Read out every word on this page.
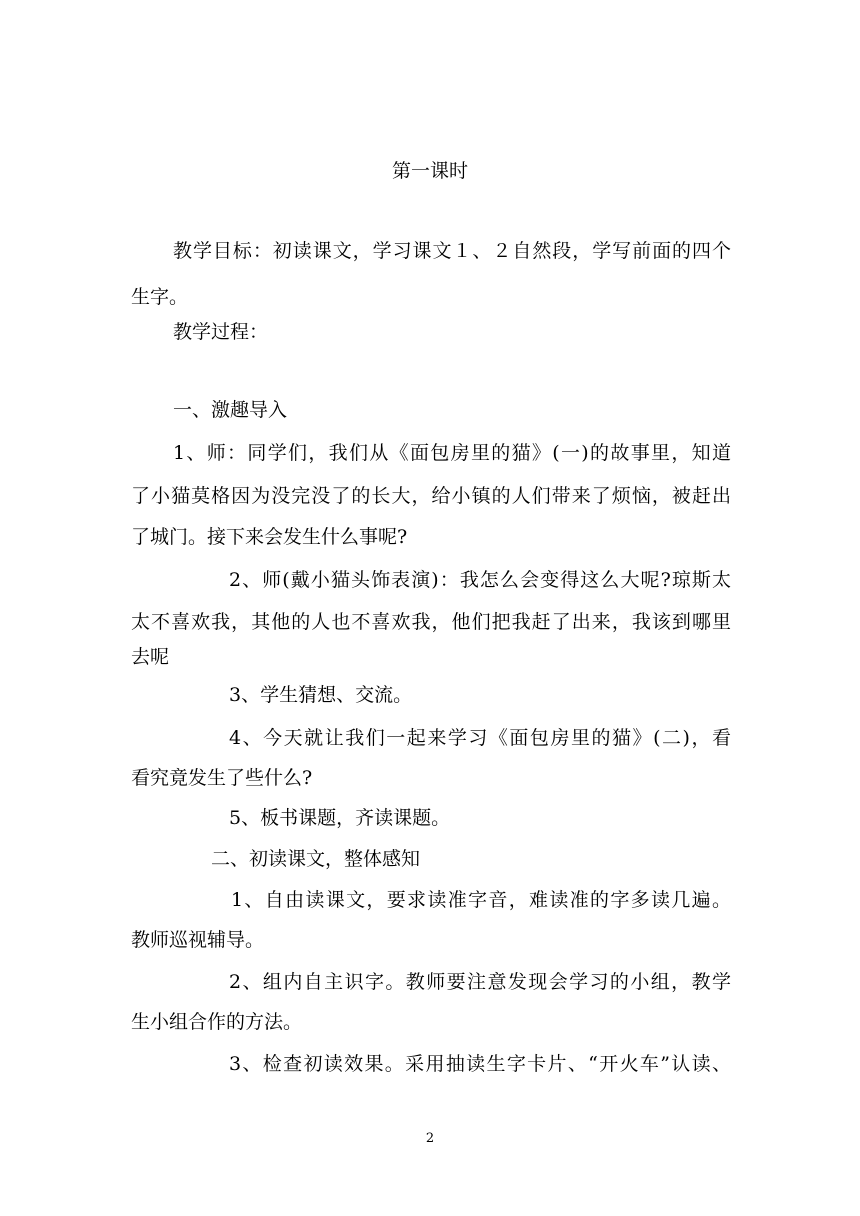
第一课时
教学目标：初读课文，学习课文１、２自然段，学写前面的四个
生字。
教学过程：
一、激趣导入
1、师：同学们，我们从《面包房里的猫》(一)的故事里，知道
了小猫莫格因为没完没了的长大，给小镇的人们带来了烦恼，被赶出
了城门。接下来会发生什么事呢?
2、师(戴小猫头饰表演)：我怎么会变得这么大呢?琼斯太
太不喜欢我，其他的人也不喜欢我，他们把我赶了出来，我该到哪里
去呢
3、学生猜想、交流。
4、今天就让我们一起来学习《面包房里的猫》(二)，看
看究竟发生了些什么?
5、板书课题，齐读课题。
二、初读课文，整体感知
1、自由读课文，要求读准字音，难读准的字多读几遍。
教师巡视辅导。
2、组内自主识字。教师要注意发现会学习的小组，教学
生小组合作的方法。
3、检查初读效果。采用抽读生字卡片、“开火车”认读、
2
